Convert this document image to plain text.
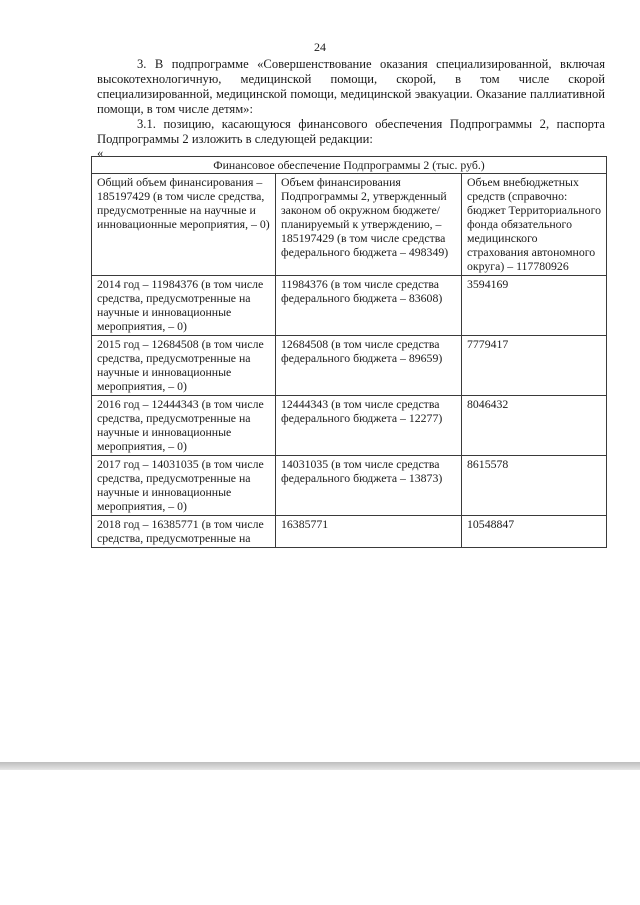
24
3. В подпрограмме «Совершенствование оказания специализированной, включая высокотехнологичную, медицинской помощи, скорой, в том числе скорой специализированной, медицинской помощи, медицинской эвакуации. Оказание паллиативной помощи, в том числе детям»:
3.1. позицию, касающуюся финансового обеспечения Подпрограммы 2, паспорта Подпрограммы 2 изложить в следующей редакции:
«
Финансовое обеспечение Подпрограммы 2 (тыс. руб.)		
Общий объем финансирования – 185197429 (в том числе средства, предусмотренные на научные и инновационные мероприятия, – 0)	Объем финансирования Подпрограммы 2, утвержденный законом об окружном бюджете/планируемый к утверждению, – 185197429 (в том числе средства федерального бюджета – 498349)	Объем внебюджетных средств (справочно: бюджет Территориального фонда обязательного медицинского страхования автономного округа) – 117780926
2014 год – 11984376 (в том числе средства, предусмотренные на научные и инновационные мероприятия, – 0)	11984376 (в том числе средства федерального бюджета – 83608)	3594169
2015 год – 12684508 (в том числе средства, предусмотренные на научные и инновационные мероприятия, – 0)	12684508 (в том числе средства федерального бюджета – 89659)	7779417
2016 год – 12444343 (в том числе средства, предусмотренные на научные и инновационные мероприятия, – 0)	12444343 (в том числе средства федерального бюджета – 12277)	8046432
2017 год – 14031035 (в том числе средства, предусмотренные на научные и инновационные мероприятия, – 0)	14031035 (в том числе средства федерального бюджета – 13873)	8615578
2018 год – 16385771 (в том числе средства, предусмотренные на	16385771	10548847
